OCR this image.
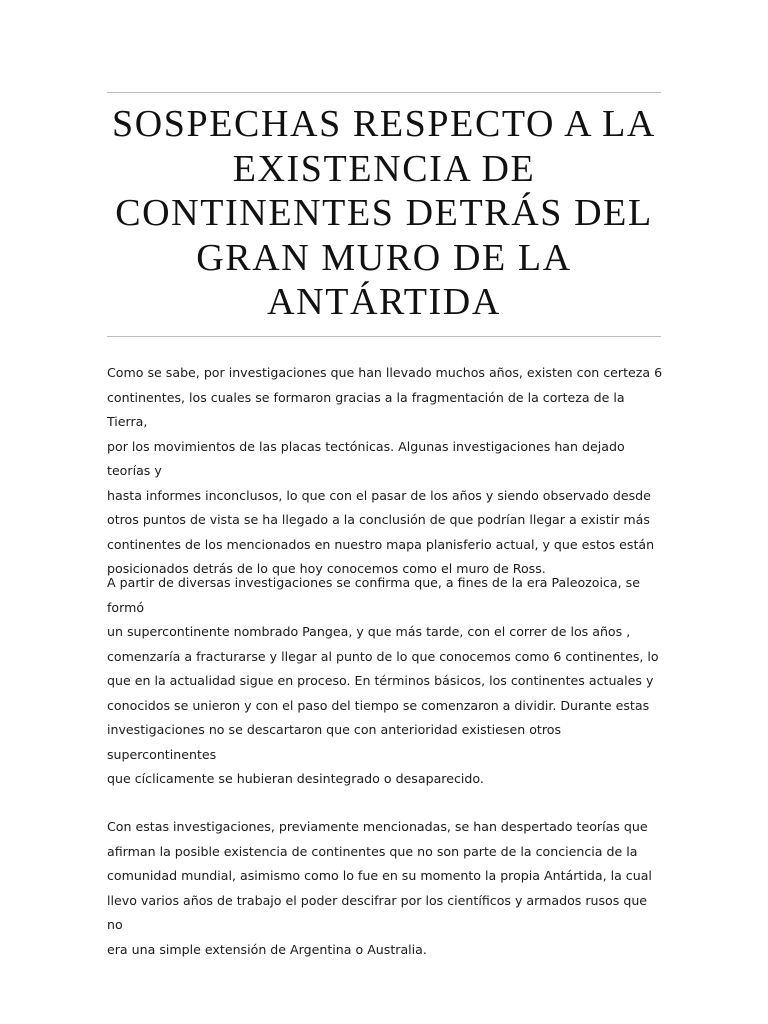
SOSPECHAS RESPECTO A LA
EXISTENCIA DE
CONTINENTES DETRÁS DEL
GRAN MURO DE LA
ANTÁRTIDA

Como se sabe, por investigaciones que han llevado muchos años, existen con certeza 6
continentes, los cuales se formaron gracias a la fragmentación de la corteza de la Tierra,
por los movimientos de las placas tectónicas. Algunas investigaciones han dejado teorías y
hasta informes inconclusos, lo que con el pasar de los años y siendo observado desde
otros puntos de vista se ha llegado a la conclusión de que podrían llegar a existir más
continentes de los mencionados en nuestro mapa planisferio actual, y que estos están
posicionados detrás de lo que hoy conocemos como el muro de Ross.

A partir de diversas investigaciones se confirma que, a fines de la era Paleozoica, se formó
un supercontinente nombrado Pangea, y que más tarde, con el correr de los años ,
comenzaría a fracturarse y llegar al punto de lo que conocemos como 6 continentes, lo
que en la actualidad sigue en proceso. En términos básicos, los continentes actuales y
conocidos se unieron y con el paso del tiempo se comenzaron a dividir. Durante estas
investigaciones no se descartaron que con anterioridad existiesen otros supercontinentes
que cíclicamente se hubieran desintegrado o desaparecido.

Con estas investigaciones, previamente mencionadas, se han despertado teorías que
afirman la posible existencia de continentes que no son parte de la conciencia de la
comunidad mundial, asimismo como lo fue en su momento la propia Antártida, la cual
llevo varios años de trabajo el poder descifrar por los científicos y armados rusos que no
era una simple extensión de Argentina o Australia.
